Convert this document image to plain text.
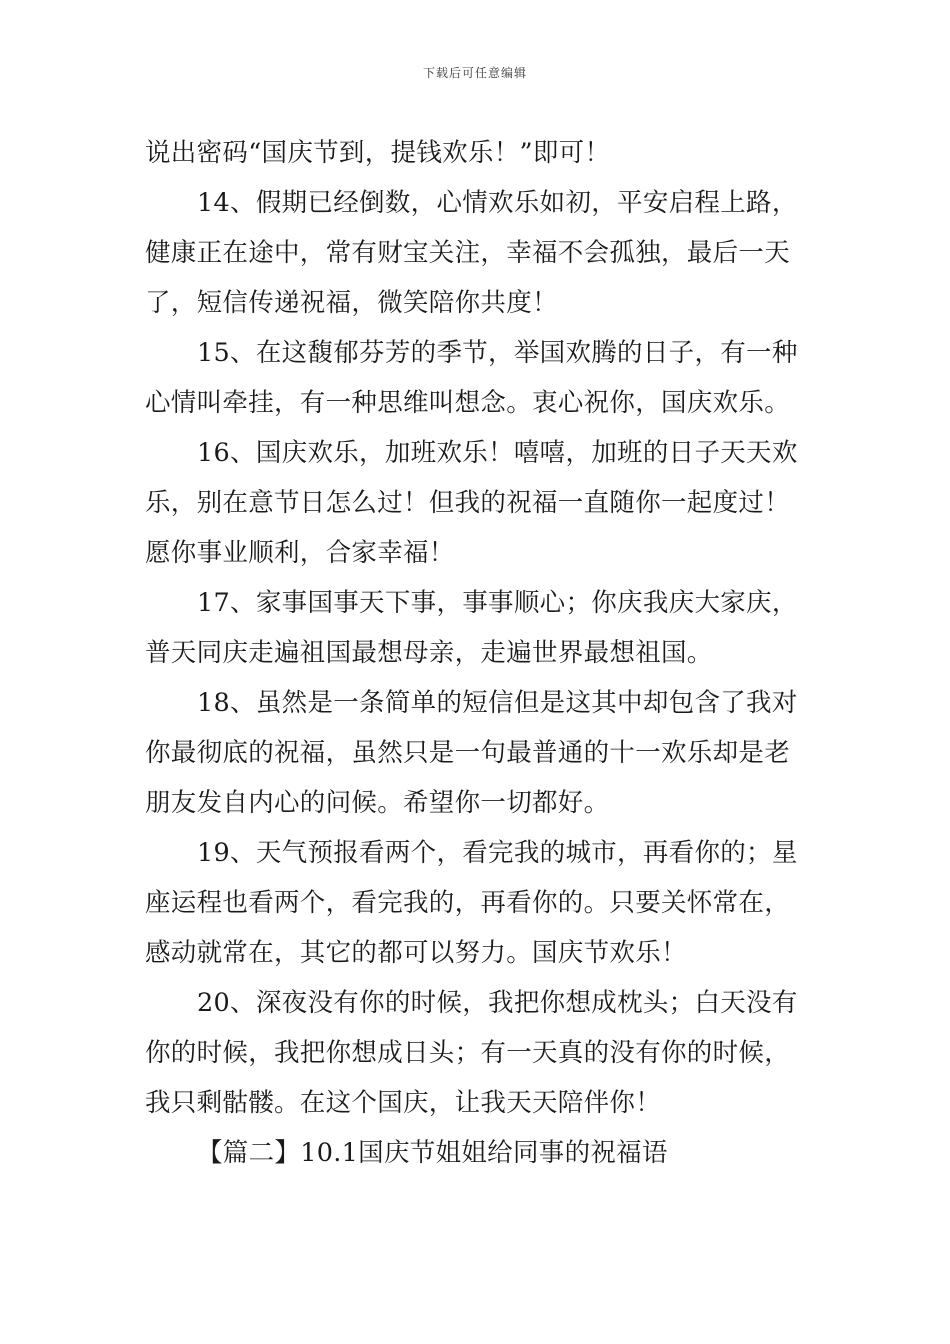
下载后可任意编辑
说出密码“国庆节到，提钱欢乐！”即可！
14、假期已经倒数，心情欢乐如初，平安启程上路，
健康正在途中，常有财宝关注，幸福不会孤独，最后一天
了，短信传递祝福，微笑陪你共度！
15、在这馥郁芬芳的季节，举国欢腾的日子，有一种
心情叫牵挂，有一种思维叫想念。衷心祝你，国庆欢乐。
16、国庆欢乐，加班欢乐！嘻嘻，加班的日子天天欢
乐，别在意节日怎么过！但我的祝福一直随你一起度过！
愿你事业顺利，合家幸福！
17、家事国事天下事，事事顺心；你庆我庆大家庆，
普天同庆走遍祖国最想母亲，走遍世界最想祖国。
18、虽然是一条简单的短信但是这其中却包含了我对
你最彻底的祝福，虽然只是一句最普通的十一欢乐却是老
朋友发自内心的问候。希望你一切都好。
19、天气预报看两个，看完我的城市，再看你的；星
座运程也看两个，看完我的，再看你的。只要关怀常在，
感动就常在，其它的都可以努力。国庆节欢乐！
20、深夜没有你的时候，我把你想成枕头；白天没有
你的时候，我把你想成日头；有一天真的没有你的时候，
我只剩骷髅。在这个国庆，让我天天陪伴你！
【篇二】10.1国庆节姐姐给同事的祝福语
